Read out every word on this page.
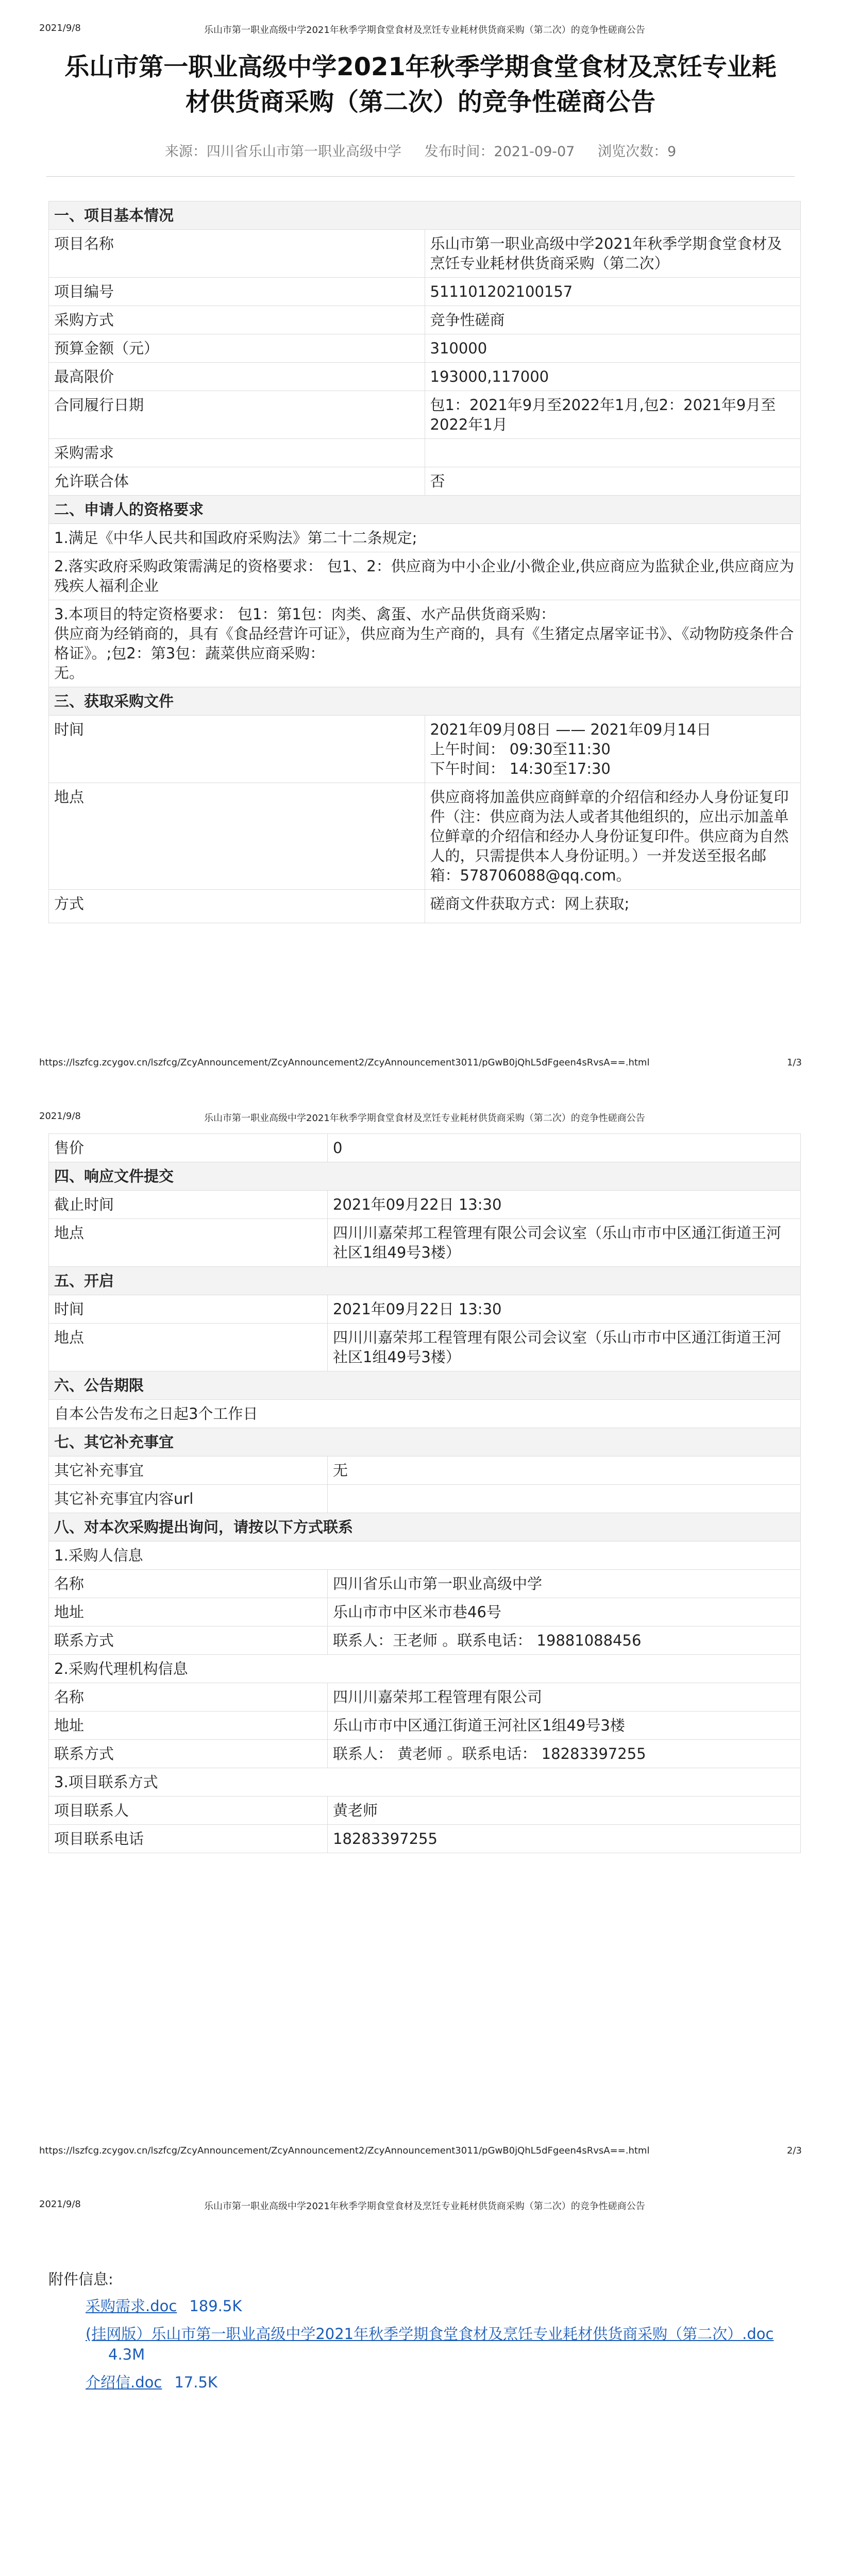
2021/9/8	乐山市第一职业高级中学2021年秋季学期食堂食材及烹饪专业耗材供货商采购（第二次）的竞争性磋商公告
乐山市第一职业高级中学2021年秋季学期食堂食材及烹饪专业耗材供货商采购（第二次）的竞争性磋商公告
来源：四川省乐山市第一职业高级中学 发布时间：2021-09-07 浏览次数：9
一、项目基本情况	
项目名称	乐山市第一职业高级中学2021年秋季学期食堂食材及烹饪专业耗材供货商采购（第二次）
项目编号	511101202100157
采购方式	竞争性磋商
预算金额（元）	310000
最高限价	193000,117000
合同履行日期	包1：2021年9月至2022年1月,包2：2021年9月至2022年1月
采购需求	
允许联合体	否
二、申请人的资格要求	
1.满足《中华人民共和国政府采购法》第二十二条规定;	
2.落实政府采购政策需满足的资格要求： 包1、2：供应商为中小企业/小微企业,供应商应为监狱企业,供应商应为残疾人福利企业	

3.本项目的特定资格要求： 包1：第1包：肉类、禽蛋、水产品供货商采购：
供应商为经销商的，具有《食品经营许可证》，供应商为生产商的，具有《生猪定点屠宰证书》、《动物防疫条件合格证》。;包2：第3包：蔬菜供应商采购：
无。	

三、获取采购文件	
时间	2021年09月08日 —— 2021年09月14日
上午时间： 09:30至11:30
下午时间： 14:30至17:30

地点	供应商将加盖供应商鲜章的介绍信和经办人身份证复印件（注：供应商为法人或者其他组织的，应出示加盖单位鲜章的介绍信和经办人身份证复印件。供应商为自然人的，只需提供本人身份证明。）一并发送至报名邮箱：578706088@qq.com。
方式	磋商文件获取方式：网上获取;
https://lszfcg.zcygov.cn/lszfcg/ZcyAnnouncement/ZcyAnnouncement2/ZcyAnnouncement3011/pGwB0jQhL5dFgeen4sRvsA==.html	1/3
2021/9/8	乐山市第一职业高级中学2021年秋季学期食堂食材及烹饪专业耗材供货商采购（第二次）的竞争性磋商公告
https://lszfcg.zcygov.cn/lszfcg/ZcyAnnouncement/ZcyAnnouncement2/ZcyAnnouncement3011/pGwB0jQhL5dFgeen4sRvsA==.html	2/3
售价	0
四、响应文件提交	
截止时间	2021年09月22日 13:30
地点	四川川嘉荣邦工程管理有限公司会议室（乐山市市中区通江街道王河社区1组49号3楼）
五、开启	
时间	2021年09月22日 13:30
地点	四川川嘉荣邦工程管理有限公司会议室（乐山市市中区通江街道王河社区1组49号3楼）
六、公告期限	
自本公告发布之日起3个工作日	
七、其它补充事宜	
其它补充事宜	无
其它补充事宜内容url	
八、对本次采购提出询问，请按以下方式联系	
1.采购人信息	
名称	四川省乐山市第一职业高级中学
地址	乐山市市中区米市巷46号
联系方式	联系人：王老师 。联系电话： 19881088456
2.采购代理机构信息	
名称	四川川嘉荣邦工程管理有限公司
地址	乐山市市中区通江街道王河社区1组49号3楼
联系方式	联系人： 黄老师 。联系电话： 18283397255
3.项目联系方式	
项目联系人	黄老师
项目联系电话	18283397255
2021/9/8	乐山市第一职业高级中学2021年秋季学期食堂食材及烹饪专业耗材供货商采购（第二次）的竞争性磋商公告
附件信息:
采购需求.doc 189.5K
(挂网版）乐山市第一职业高级中学2021年秋季学期食堂食材及烹饪专业耗材供货商采购（第二次）.doc
4.3M
介绍信.doc 17.5K
